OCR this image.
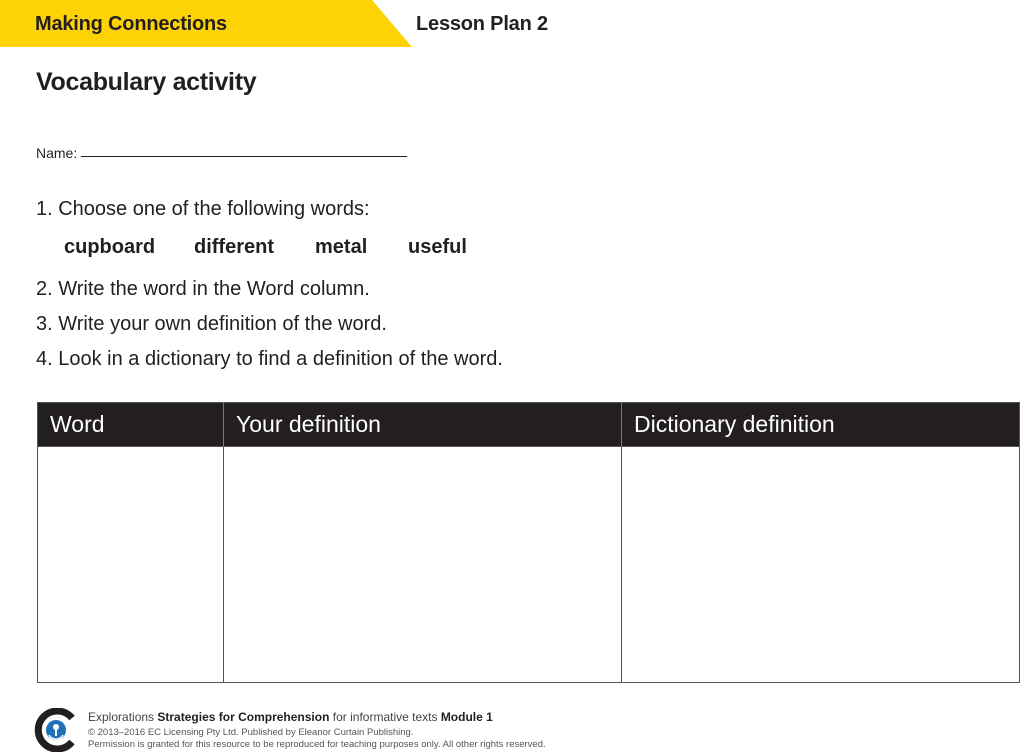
Making Connections	Lesson Plan 2
Vocabulary activity
Name:
1. Choose one of the following words:
cupboard	different	metal	useful
2. Write the word in the Word column.
3. Write your own definition of the word.
4. Look in a dictionary to find a definition of the word.
Word	Your definition	Dictionary definition

Explorations Strategies for Comprehension for informative texts Module 1
© 2013–2016 EC Licensing Pty Ltd. Published by Eleanor Curtain Publishing.
Permission is granted for this resource to be reproduced for teaching purposes only. All other rights reserved.
